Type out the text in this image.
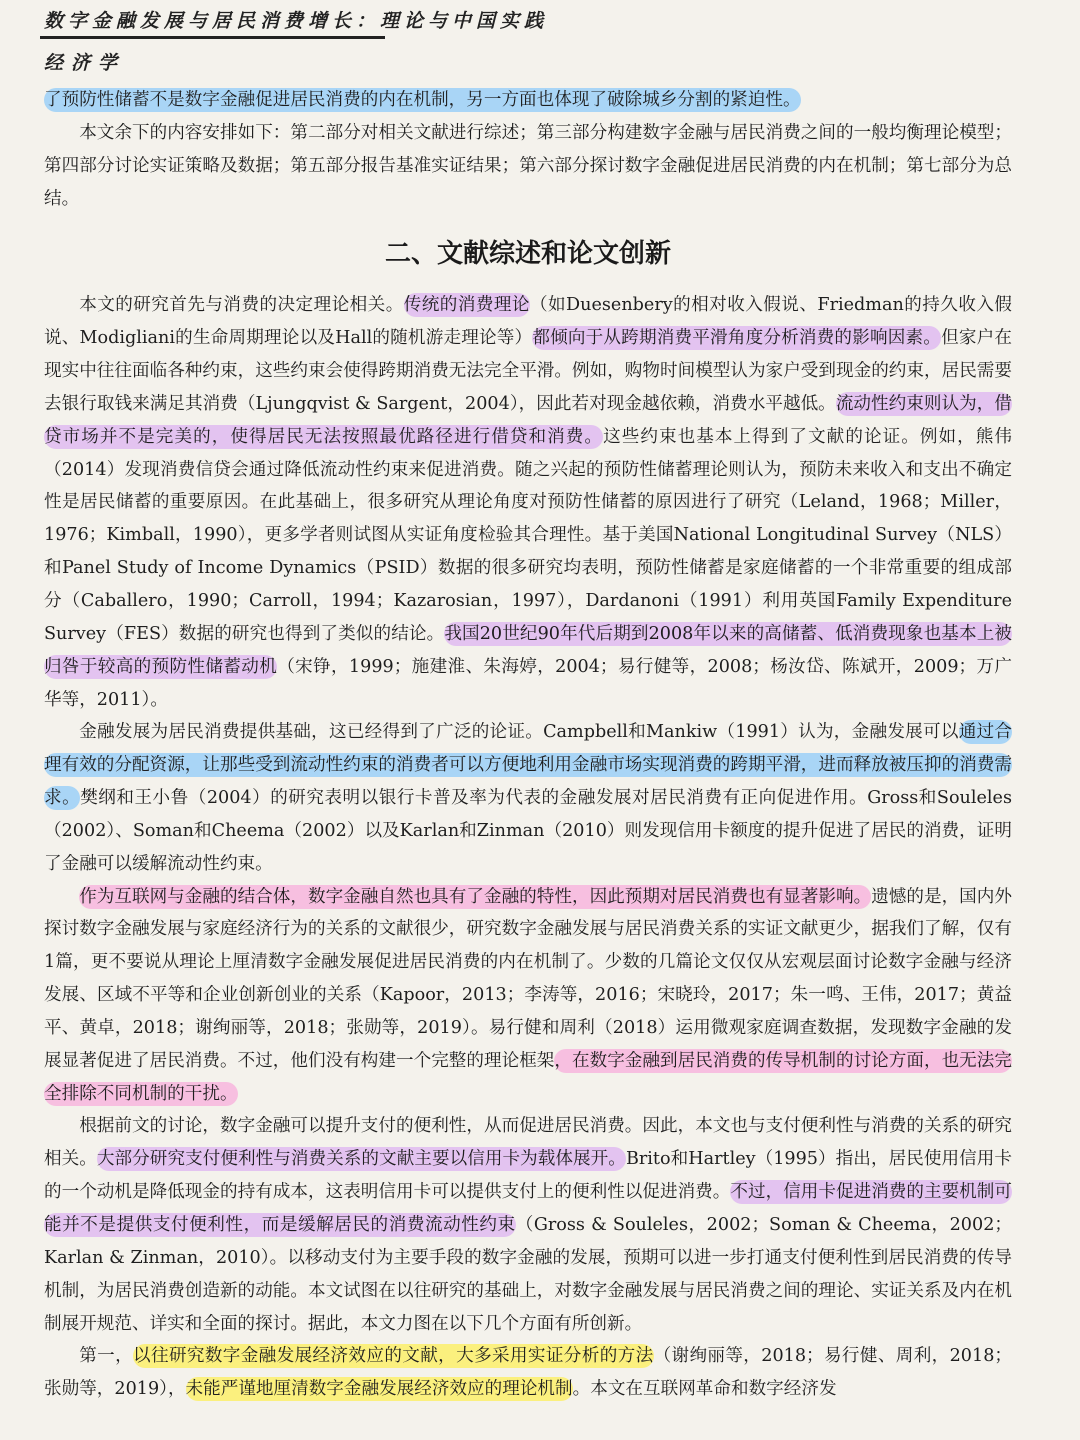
数字金融发展与居民消费增长：理论与中国实践
经济学

了预防性储蓄不是数字金融促进居民消费的内在机制，另一方面也体现了破除城乡分割的紧迫性。

本文余下的内容安排如下：第二部分对相关文献进行综述；第三部分构建数字金融与居民消费之间的一般均衡理论模型；第四部分讨论实证策略及数据；第五部分报告基准实证结果；第六部分探讨数字金融促进居民消费的内在机制；第七部分为总结。

二、文献综述和论文创新

本文的研究首先与消费的决定理论相关。传统的消费理论（如Duesenbery的相对收入假说、Friedman的持久收入假说、Modigliani的生命周期理论以及Hall的随机游走理论等）都倾向于从跨期消费平滑角度分析消费的影响因素。但家户在现实中往往面临各种约束，这些约束会使得跨期消费无法完全平滑。例如，购物时间模型认为家户受到现金的约束，居民需要去银行取钱来满足其消费（Ljungqvist & Sargent，2004），因此若对现金越依赖，消费水平越低。流动性约束则认为，借贷市场并不是完美的，使得居民无法按照最优路径进行借贷和消费。这些约束也基本上得到了文献的论证。例如，熊伟（2014）发现消费信贷会通过降低流动性约束来促进消费。随之兴起的预防性储蓄理论则认为，预防未来收入和支出不确定性是居民储蓄的重要原因。在此基础上，很多研究从理论角度对预防性储蓄的原因进行了研究（Leland，1968；Miller，1976；Kimball，1990），更多学者则试图从实证角度检验其合理性。基于美国National Longitudinal Survey（NLS）和Panel Study of Income Dynamics（PSID）数据的很多研究均表明，预防性储蓄是家庭储蓄的一个非常重要的组成部分（Caballero，1990；Carroll，1994；Kazarosian，1997），Dardanoni（1991）利用英国Family Expenditure Survey（FES）数据的研究也得到了类似的结论。我国20世纪90年代后期到2008年以来的高储蓄、低消费现象也基本上被归咎于较高的预防性储蓄动机（宋铮，1999；施建淮、朱海婷，2004；易行健等，2008；杨汝岱、陈斌开，2009；万广华等，2011）。

金融发展为居民消费提供基础，这已经得到了广泛的论证。Campbell和Mankiw（1991）认为，金融发展可以通过合理有效的分配资源，让那些受到流动性约束的消费者可以方便地利用金融市场实现消费的跨期平滑，进而释放被压抑的消费需求。樊纲和王小鲁（2004）的研究表明以银行卡普及率为代表的金融发展对居民消费有正向促进作用。Gross和Souleles（2002）、Soman和Cheema（2002）以及Karlan和Zinman（2010）则发现信用卡额度的提升促进了居民的消费，证明了金融可以缓解流动性约束。

作为互联网与金融的结合体，数字金融自然也具有了金融的特性，因此预期对居民消费也有显著影响。遗憾的是，国内外探讨数字金融发展与家庭经济行为的关系的文献很少，研究数字金融发展与居民消费关系的实证文献更少，据我们了解，仅有1篇，更不要说从理论上厘清数字金融发展促进居民消费的内在机制了。少数的几篇论文仅仅从宏观层面讨论数字金融与经济发展、区域不平等和企业创新创业的关系（Kapoor，2013；李涛等，2016；宋晓玲，2017；朱一鸣、王伟，2017；黄益平、黄卓，2018；谢绚丽等，2018；张勋等，2019）。易行健和周利（2018）运用微观家庭调查数据，发现数字金融的发展显著促进了居民消费。不过，他们没有构建一个完整的理论框架，在数字金融到居民消费的传导机制的讨论方面，也无法完全排除不同机制的干扰。

根据前文的讨论，数字金融可以提升支付的便利性，从而促进居民消费。因此，本文也与支付便利性与消费的关系的研究相关。大部分研究支付便利性与消费关系的文献主要以信用卡为载体展开。Brito和Hartley（1995）指出，居民使用信用卡的一个动机是降低现金的持有成本，这表明信用卡可以提供支付上的便利性以促进消费。不过，信用卡促进消费的主要机制可能并不是提供支付便利性，而是缓解居民的消费流动性约束（Gross & Souleles，2002；Soman & Cheema，2002；Karlan & Zinman，2010）。以移动支付为主要手段的数字金融的发展，预期可以进一步打通支付便利性到居民消费的传导机制，为居民消费创造新的动能。本文试图在以往研究的基础上，对数字金融发展与居民消费之间的理论、实证关系及内在机制展开规范、详实和全面的探讨。据此，本文力图在以下几个方面有所创新。

第一，以往研究数字金融发展经济效应的文献，大多采用实证分析的方法（谢绚丽等，2018；易行健、周利，2018；张勋等，2019），未能严谨地厘清数字金融发展经济效应的理论机制。本文在互联网革命和数字经济发
